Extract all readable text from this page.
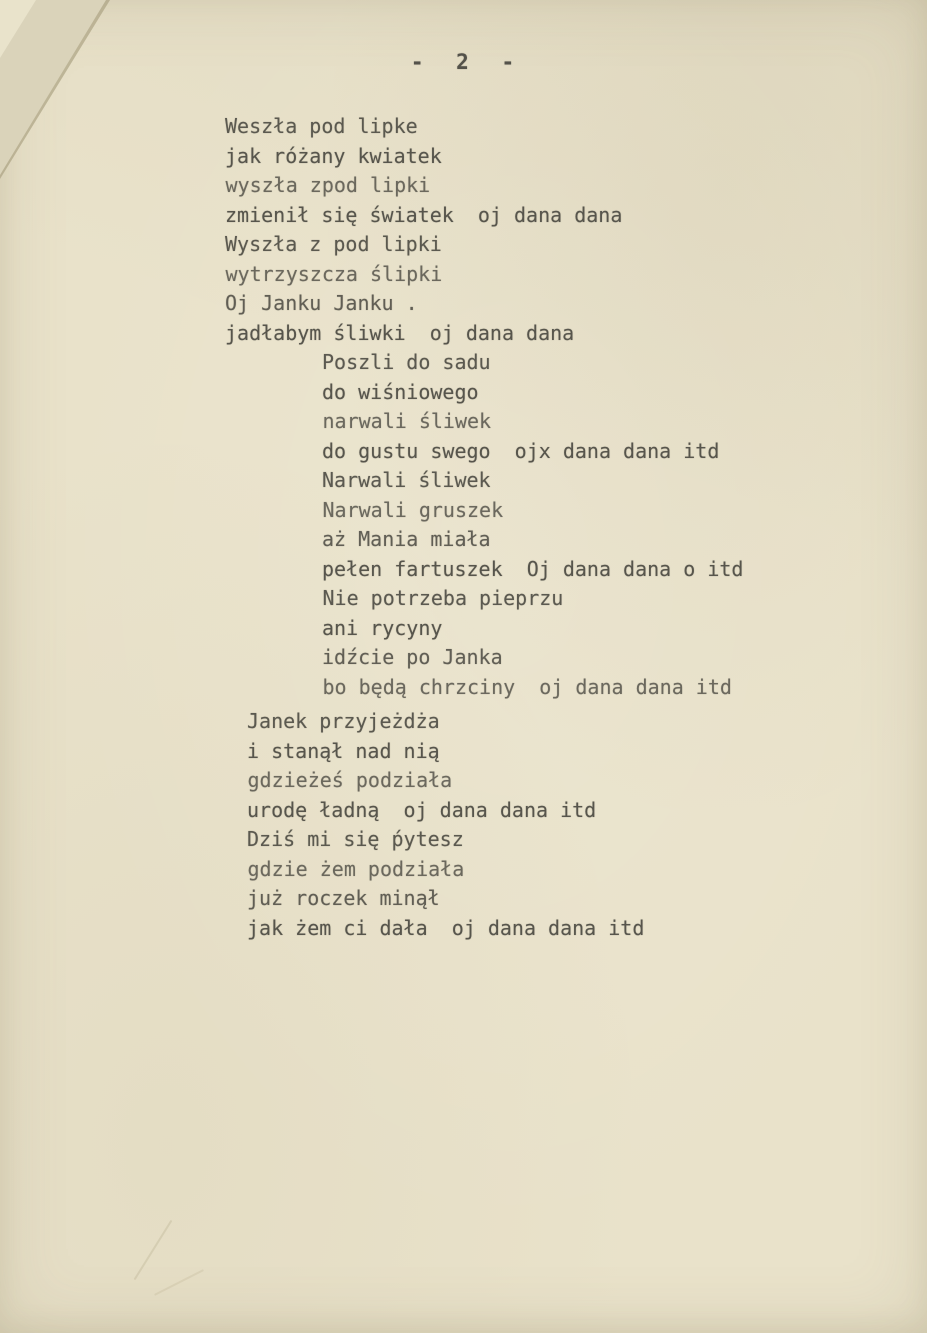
- 2 -
Weszła pod lipke
jak różany kwiatek
wyszła zpod lipki
zmienił się światek  oj dana dana
Wyszła z pod lipki
wytrzyszcza ślipki
Oj Janku Janku .
jadłabym śliwki  oj dana dana
Poszli do sadu
do wiśniowego
narwali śliwek
do gustu swego  ojx dana dana itd
Narwali śliwek
Narwali gruszek
aż Mania miała
pełen fartuszek  Oj dana dana o itd
Nie potrzeba pieprzu
ani rycyny
idźcie po Janka
bo będą chrzciny  oj dana dana itd
Janek przyjeżdża
i stanął nad nią
gdzieżeś podziała
urodę ładną  oj dana dana itd
Dziś mi się ṕytesz
gdzie żem podziała
już roczek minął
jak żem ci dała  oj dana dana itd
